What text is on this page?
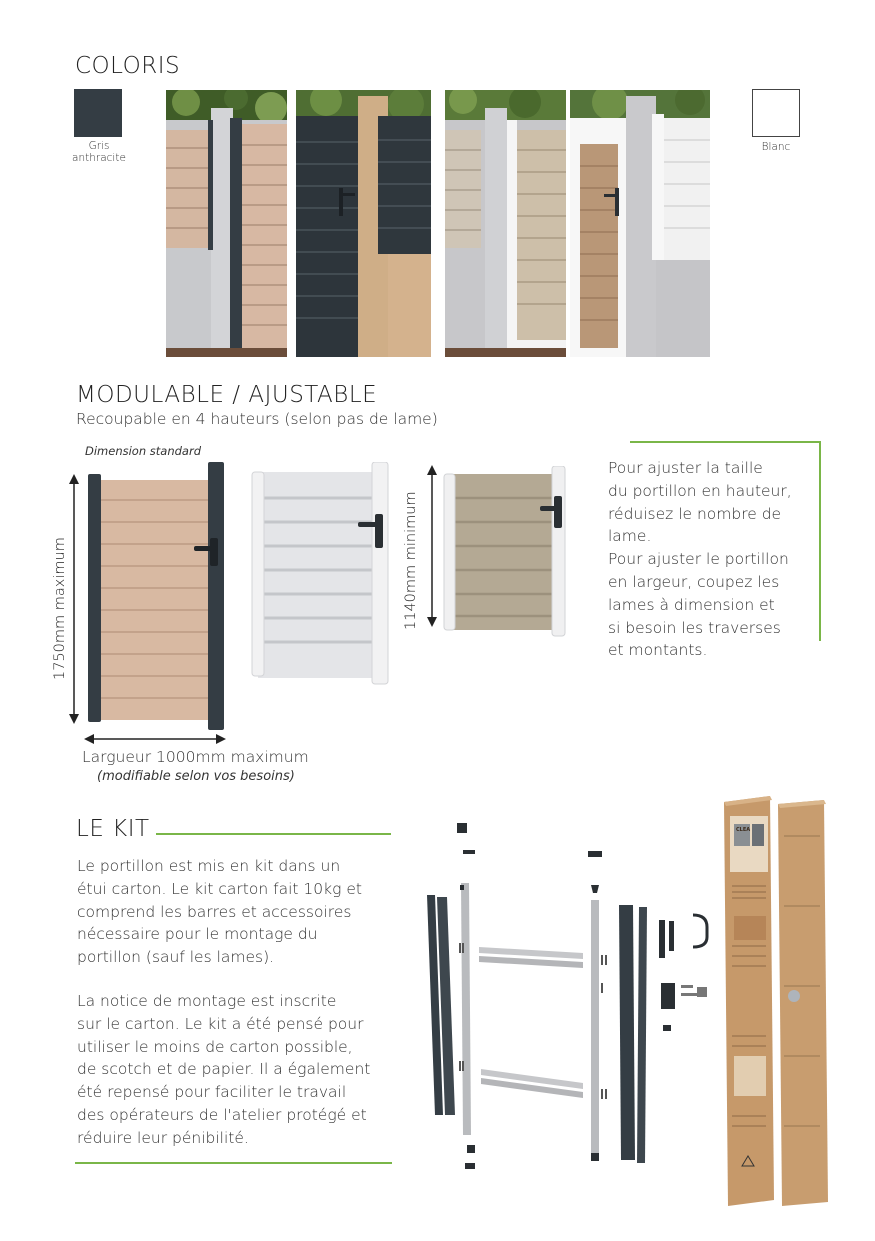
COLORIS
Gris
anthracite
Blanc
MODULABLE / AJUSTABLE
Recoupable en 4 hauteurs (selon pas de lame)
Dimension standard
1750mm maximum
Largueur 1000mm maximum
(modifiable selon vos besoins)
1140mm minimum
Pour ajuster la taille
du portillon en hauteur,
réduisez le nombre de
lame.
Pour ajuster le portillon
en largeur, coupez les
lames à dimension et
si besoin les traverses
et montants.
LE KIT
Le portillon est mis en kit dans un
étui carton. Le kit carton fait 10kg et
comprend les barres et accessoires
nécessaire pour le montage du
portillon (sauf les lames).
La notice de montage est inscrite
sur le carton. Le kit a été pensé pour
utiliser le moins de carton possible,
de scotch et de papier. Il a également
été repensé pour faciliter le travail
des opérateurs de l'atelier protégé et
réduire leur pénibilité.
CLEA
